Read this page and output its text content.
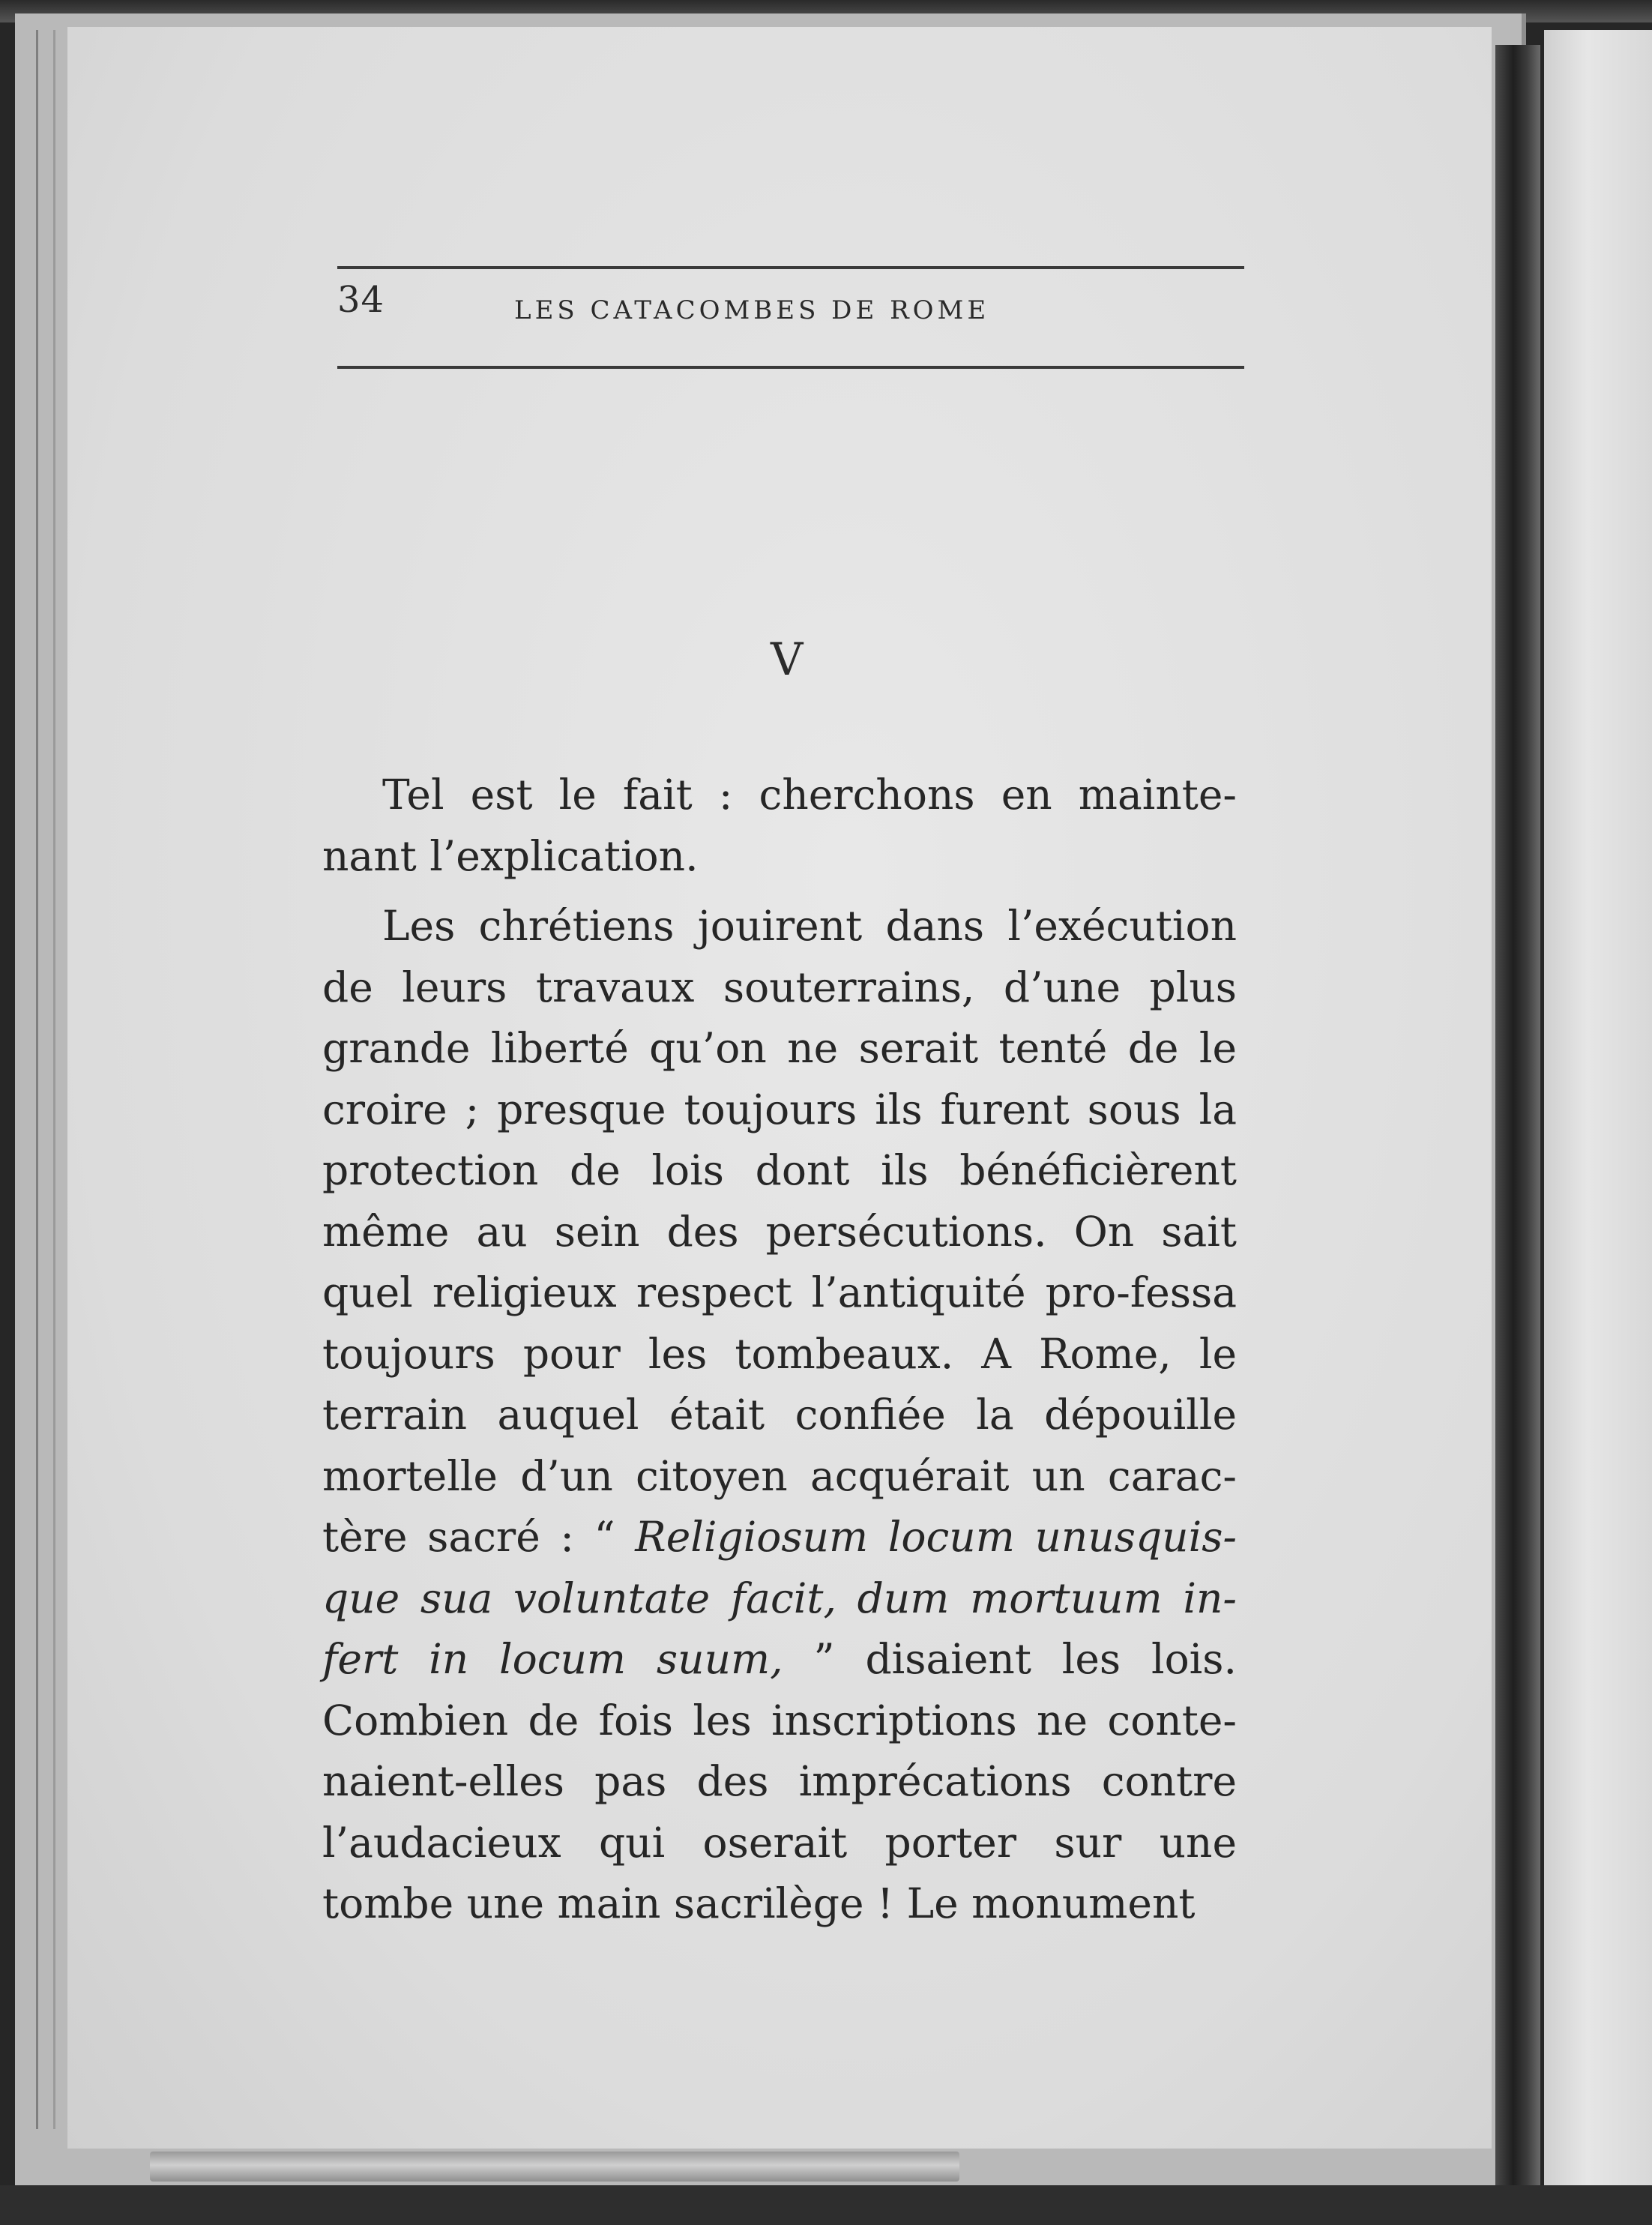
34	LES CATACOMBES DE ROME
V

Tel est le fait : cherchons en mainte-nant l’explication.

Les chrétiens jouirent dans l’exécution de leurs travaux souterrains, d’une plus grande liberté qu’on ne serait tenté de le croire ; presque toujours ils furent sous la protection de lois dont ils bénéficièrent même au sein des persécutions. On sait quel religieux respect l’antiquité pro-fessa toujours pour les tombeaux. A Rome, le terrain auquel était confiée la dépouille mortelle d’un citoyen acquérait un carac-tère sacré : “ Religiosum locum unusquis-que sua voluntate facit, dum mortuum in-fert in locum suum, ” disaient les lois. Combien de fois les inscriptions ne conte-naient-elles pas des imprécations contre l’audacieux qui oserait porter sur une tombe une main sacrilège ! Le monument
